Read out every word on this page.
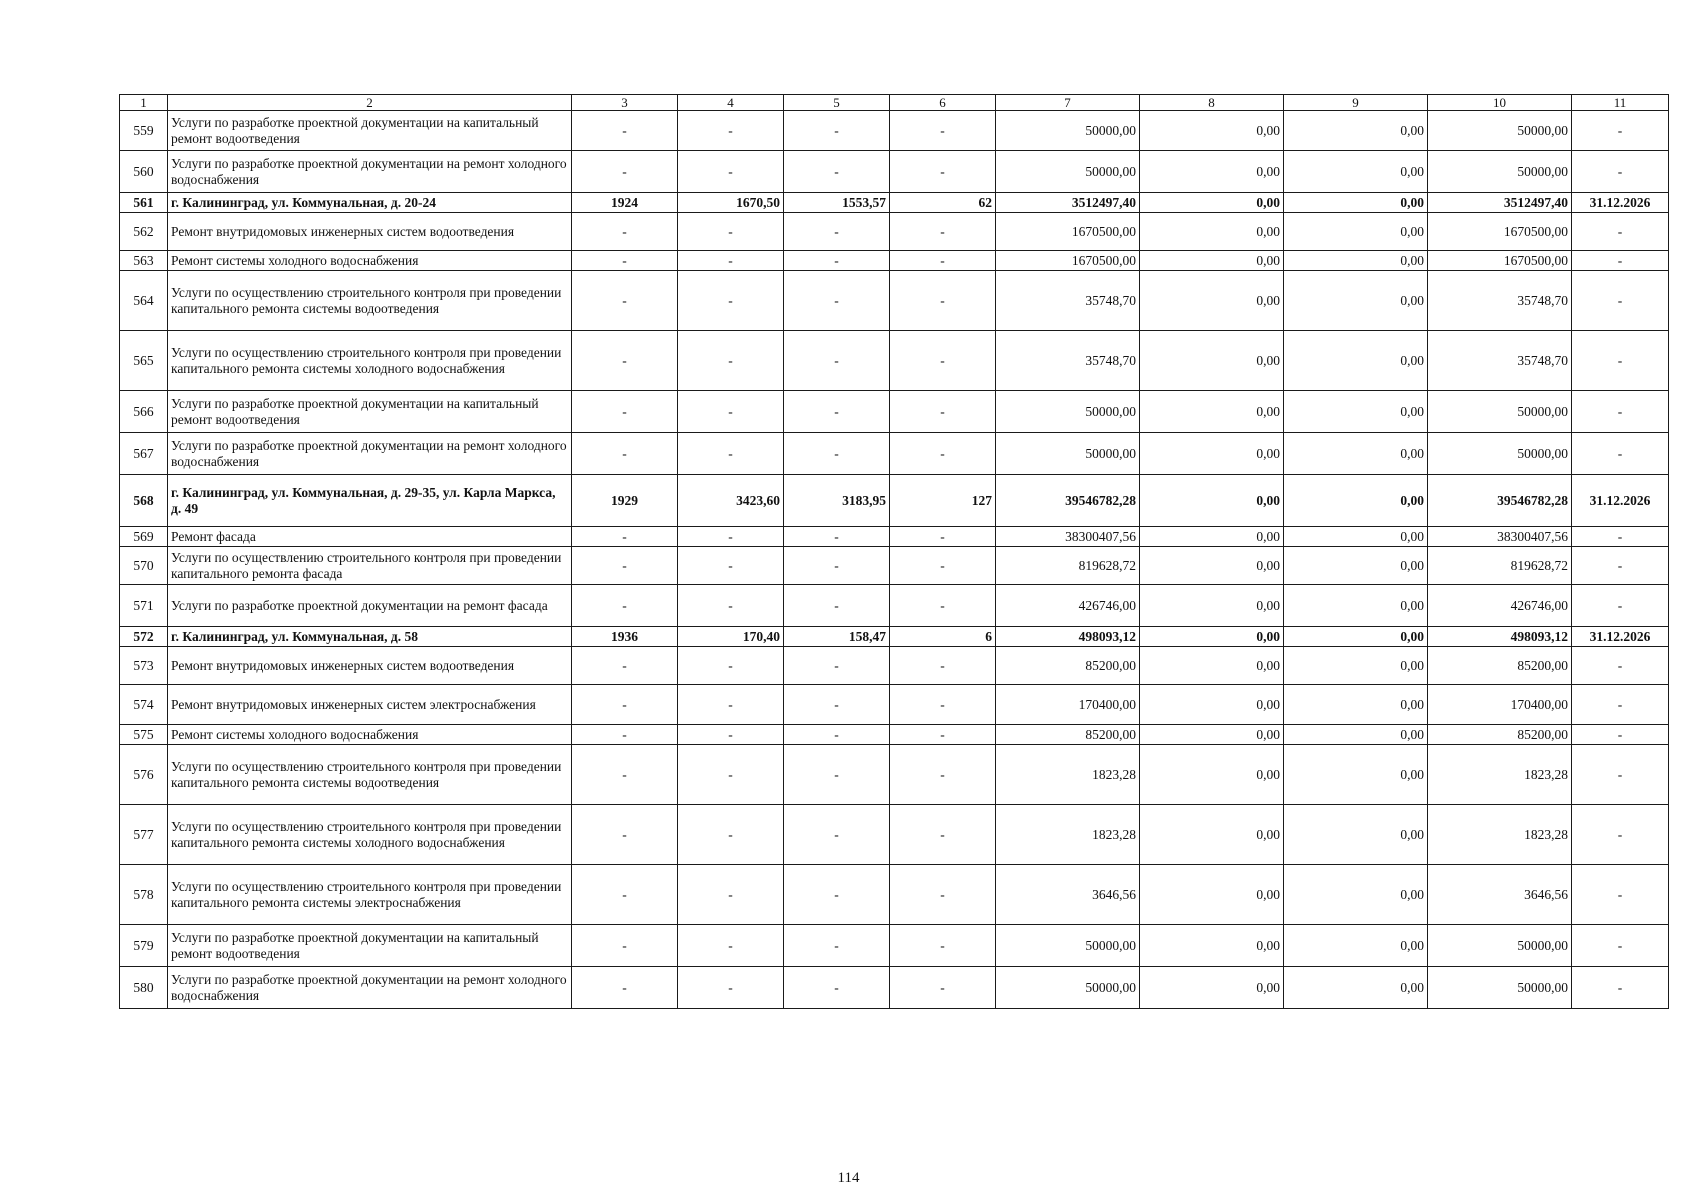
1	2	3	4	5	6	7	8	9	10	11
559	Услуги по разработке проектной документации на капитальный ремонт водоотведения	-	-	-	-	50000,00	0,00	0,00	50000,00	-
560	Услуги по разработке проектной документации на ремонт холодного водоснабжения	-	-	-	-	50000,00	0,00	0,00	50000,00	-
561	г. Калининград, ул. Коммунальная, д. 20-24	1924	1670,50	1553,57	62	3512497,40	0,00	0,00	3512497,40	31.12.2026
562	Ремонт внутридомовых инженерных систем водоотведения	-	-	-	-	1670500,00	0,00	0,00	1670500,00	-
563	Ремонт системы холодного водоснабжения	-	-	-	-	1670500,00	0,00	0,00	1670500,00	-
564	Услуги по осуществлению строительного контроля при проведении капитального ремонта системы водоотведения	-	-	-	-	35748,70	0,00	0,00	35748,70	-
565	Услуги по осуществлению строительного контроля при проведении капитального ремонта системы холодного водоснабжения	-	-	-	-	35748,70	0,00	0,00	35748,70	-
566	Услуги по разработке проектной документации на капитальный ремонт водоотведения	-	-	-	-	50000,00	0,00	0,00	50000,00	-
567	Услуги по разработке проектной документации на ремонт холодного водоснабжения	-	-	-	-	50000,00	0,00	0,00	50000,00	-
568	г. Калининград, ул. Коммунальная, д. 29-35, ул. Карла Маркса, д. 49	1929	3423,60	3183,95	127	39546782,28	0,00	0,00	39546782,28	31.12.2026
569	Ремонт фасада	-	-	-	-	38300407,56	0,00	0,00	38300407,56	-
570	Услуги по осуществлению строительного контроля при проведении капитального ремонта фасада	-	-	-	-	819628,72	0,00	0,00	819628,72	-
571	Услуги по разработке проектной документации на ремонт фасада	-	-	-	-	426746,00	0,00	0,00	426746,00	-
572	г. Калининград, ул. Коммунальная, д. 58	1936	170,40	158,47	6	498093,12	0,00	0,00	498093,12	31.12.2026
573	Ремонт внутридомовых инженерных систем водоотведения	-	-	-	-	85200,00	0,00	0,00	85200,00	-
574	Ремонт внутридомовых инженерных систем электроснабжения	-	-	-	-	170400,00	0,00	0,00	170400,00	-
575	Ремонт системы холодного водоснабжения	-	-	-	-	85200,00	0,00	0,00	85200,00	-
576	Услуги по осуществлению строительного контроля при проведении капитального ремонта системы водоотведения	-	-	-	-	1823,28	0,00	0,00	1823,28	-
577	Услуги по осуществлению строительного контроля при проведении капитального ремонта системы холодного водоснабжения	-	-	-	-	1823,28	0,00	0,00	1823,28	-
578	Услуги по осуществлению строительного контроля при проведении капитального ремонта системы электроснабжения	-	-	-	-	3646,56	0,00	0,00	3646,56	-
579	Услуги по разработке проектной документации на капитальный ремонт водоотведения	-	-	-	-	50000,00	0,00	0,00	50000,00	-
580	Услуги по разработке проектной документации на ремонт холодного водоснабжения	-	-	-	-	50000,00	0,00	0,00	50000,00	-
114
